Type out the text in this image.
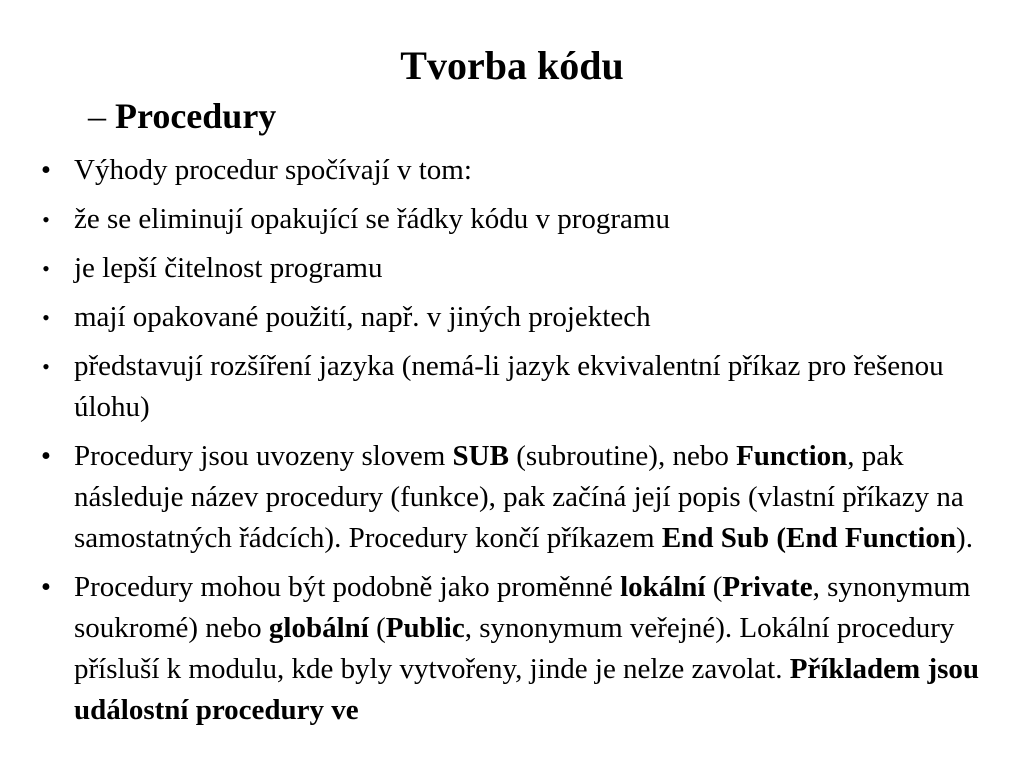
Tvorba kódu
– Procedury
• Výhody procedur spočívají v tom:
• že se eliminují opakující se řádky kódu v programu
• je lepší čitelnost programu
• mají opakované použití, např. v jiných projektech
• představují rozšíření jazyka (nemá-li jazyk ekvivalentní příkaz pro řešenou úlohu)
• Procedury jsou uvozeny slovem SUB (subroutine), nebo Function, pak následuje název procedury (funkce), pak začíná její popis (vlastní příkazy na samostatných řádcích). Procedury končí příkazem End Sub (End Function).
• Procedury mohou být podobně jako proměnné lokální (Private, synonymum soukromé) nebo globální (Public, synonymum veřejné). Lokální procedury přísluší k modulu, kde byly vytvořeny, jinde je nelze zavolat. Příkladem jsou událostní procedury ve
